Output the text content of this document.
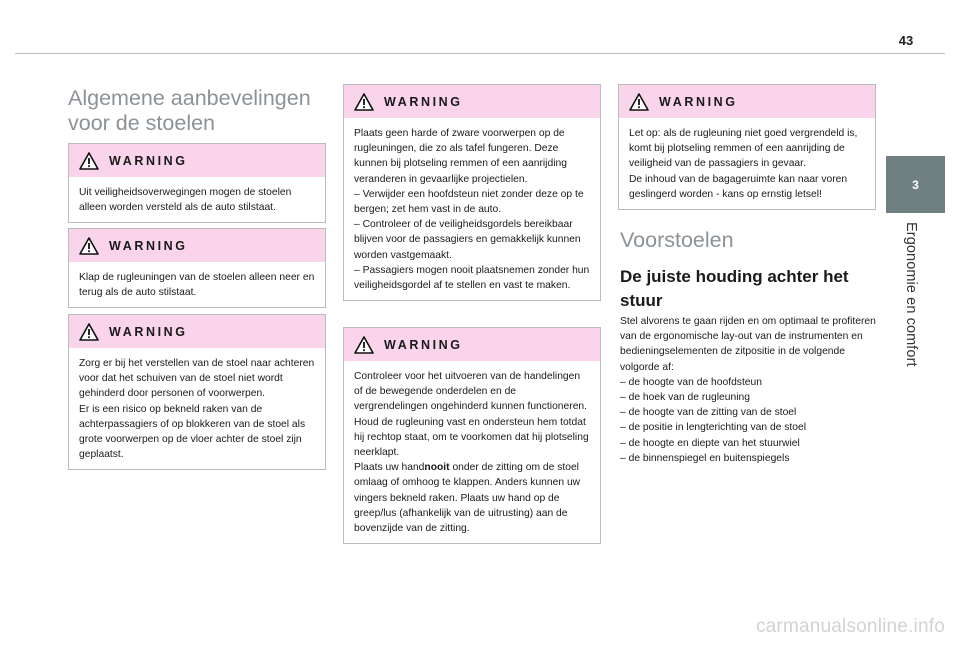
43
3
Ergonomie en comfort
Algemene aanbevelingen
voor de stoelen
WARNING

Uit veiligheidsoverwegingen mogen de stoelen alleen worden versteld als de auto stilstaat.

WARNING

Klap de rugleuningen van de stoelen alleen neer en terug als de auto stilstaat.

WARNING

Zorg er bij het verstellen van de stoel naar achteren voor dat het schuiven van de stoel niet wordt gehinderd door personen of voorwerpen.

Er is een risico op bekneld raken van de achterpassagiers of op blokkeren van de stoel als grote voorwerpen op de vloer achter de stoel zijn geplaatst.

WARNING

Plaats geen harde of zware voorwerpen op de rugleuningen, die zo als tafel fungeren. Deze kunnen bij plotseling remmen of een aanrijding veranderen in gevaarlijke projectielen.

– Verwijder een hoofdsteun niet zonder deze op te bergen; zet hem vast in de auto.

– Controleer of de veiligheidsgordels bereikbaar blijven voor de passagiers en gemakkelijk kunnen worden vastgemaakt.

– Passagiers mogen nooit plaatsnemen zonder hun veiligheidsgordel af te stellen en vast te maken.

WARNING

Controleer voor het uitvoeren van de handelingen of de bewegende onderdelen en de vergrendelingen ongehinderd kunnen functioneren.

Houd de rugleuning vast en ondersteun hem totdat hij rechtop staat, om te voorkomen dat hij plotseling neerklapt.

Plaats uw handnooit onder de zitting om de stoel omlaag of omhoog te klappen. Anders kunnen uw vingers bekneld raken. Plaats uw hand op de greep/lus (afhankelijk van de uitrusting) aan de bovenzijde van de zitting.

WARNING

Let op: als de rugleuning niet goed vergrendeld is, komt bij plotseling remmen of een aanrijding de veiligheid van de passagiers in gevaar.

De inhoud van de bagageruimte kan naar voren geslingerd worden - kans op ernstig letsel!

Voorstoelen
De juiste houding achter het stuur

Stel alvorens te gaan rijden en om optimaal te profiteren van de ergonomische lay-out van de instrumenten en bedieningselementen de zitpositie in de volgende volgorde af:

– de hoogte van de hoofdsteun
– de hoek van de rugleuning
– de hoogte van de zitting van de stoel
– de positie in lengterichting van de stoel
– de hoogte en diepte van het stuurwiel
– de binnenspiegel en buitenspiegels
carmanualsonline.info
